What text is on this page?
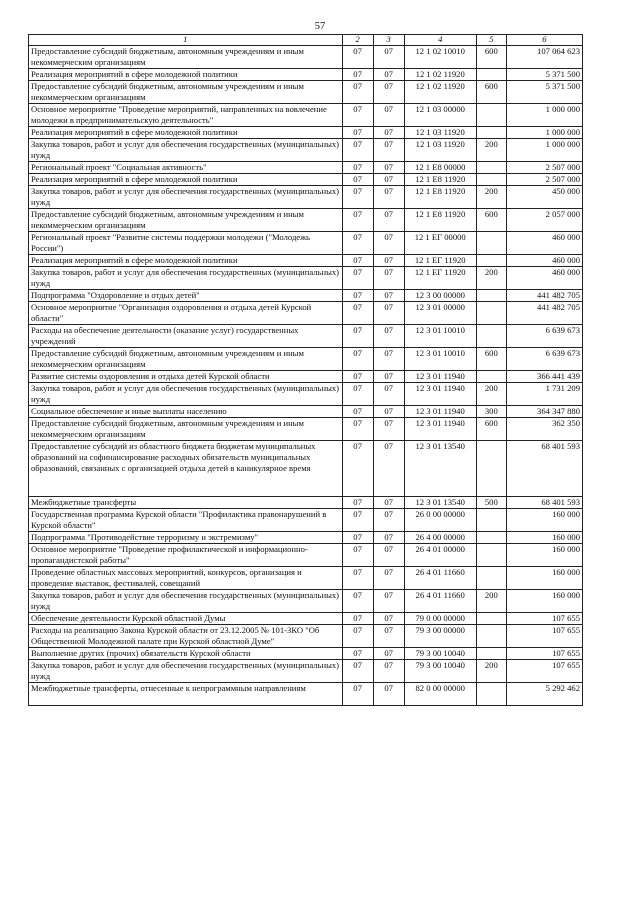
57
1	2	3	4	5	6
Предоставление субсидий бюджетным, автономным учреждениям и иным некоммерческим организациям	07	07	12 1 02 10010	600	107 064 623
Реализация мероприятий в сфере молодежной политики	07	07	12 1 02 11920		5 371 500
Предоставление субсидий бюджетным, автономным учреждениям и иным некоммерческим организациям	07	07	12 1 02 11920	600	5 371 500
Основное мероприятие "Проведение мероприятий, направленных на вовлечение молодежи в предпринимательскую деятельность"	07	07	12 1 03 00000		1 000 000
Реализация мероприятий в сфере молодежной политики	07	07	12 1 03 11920		1 000 000
Закупка товаров, работ и услуг для обеспечения государственных (муниципальных) нужд	07	07	12 1 03 11920	200	1 000 000
Региональный проект "Социальная активность"	07	07	12 1 E8 00000		2 507 000
Реализация мероприятий в сфере молодежной политики	07	07	12 1 E8 11920		2 507 000
Закупка товаров, работ и услуг для обеспечения государственных (муниципальных) нужд	07	07	12 1 E8 11920	200	450 000
Предоставление субсидий бюджетным, автономным учреждениям и иным некоммерческим организациям	07	07	12 1 E8 11920	600	2 057 000
Региональный проект "Развитие системы поддержки молодежи ("Молодежь России")	07	07	12 1 EГ 00000		460 000
Реализация мероприятий в сфере молодежной политики	07	07	12 1 EГ 11920		460 000
Закупка товаров, работ и услуг для обеспечения государственных (муниципальных) нужд	07	07	12 1 EГ 11920	200	460 000
Подпрограмма "Оздоровление и отдых детей"	07	07	12 3 00 00000		441 482 705
Основное мероприятие "Организация оздоровления и отдыха детей Курской области"	07	07	12 3 01 00000		441 482 705
Расходы на обеспечение деятельности (оказание услуг) государственных учреждений	07	07	12 3 01 10010		6 639 673
Предоставление субсидий бюджетным, автономным учреждениям и иным некоммерческим организациям	07	07	12 3 01 10010	600	6 639 673
Развитие системы оздоровления и отдыха детей Курской области	07	07	12 3 01 11940		366 441 439
Закупка товаров, работ и услуг для обеспечения государственных (муниципальных) нужд	07	07	12 3 01 11940	200	1 731 209
Социальное обеспечение и иные выплаты населению	07	07	12 3 01 11940	300	364 347 880
Предоставление субсидий бюджетным, автономным учреждениям и иным некоммерческим организациям	07	07	12 3 01 11940	600	362 350
Предоставление субсидий из областного бюджета бюджетам муниципальных образований на софинансирование расходных обязательств муниципальных образований, связанных с организацией отдыха детей в каникулярное время	07	07	12 3 01 13540		68 401 593
Межбюджетные трансферты	07	07	12 3 01 13540	500	68 401 593
Государственная программа Курской области "Профилактика правонарушений в Курской области"	07	07	26 0 00 00000		160 000
Подпрограмма "Противодействие терроризму и экстремизму"	07	07	26 4 00 00000		160 000
Основное мероприятие "Проведение профилактической и информационно-пропагандистской работы"	07	07	26 4 01 00000		160 000
Проведение областных массовых мероприятий, конкурсов, организация и проведение выставок, фестивалей, совещаний	07	07	26 4 01 11660		160 000
Закупка товаров, работ и услуг для обеспечения государственных (муниципальных) нужд	07	07	26 4 01 11660	200	160 000
Обеспечение деятельности Курской областной Думы	07	07	79 0 00 00000		107 655
Расходы на реализацию Закона Курской области от 23.12.2005 № 101-ЗКО "Об Общественной Молодежной палате при Курской областной Думе"	07	07	79 3 00 00000		107 655
Выполнение других (прочих) обязательств Курской области	07	07	79 3 00 10040		107 655
Закупка товаров, работ и услуг для обеспечения государственных (муниципальных) нужд	07	07	79 3 00 10040	200	107 655
Межбюджетные трансферты, отнесенные к непрограммным направлениям	07	07	82 0 00 00000		5 292 462
